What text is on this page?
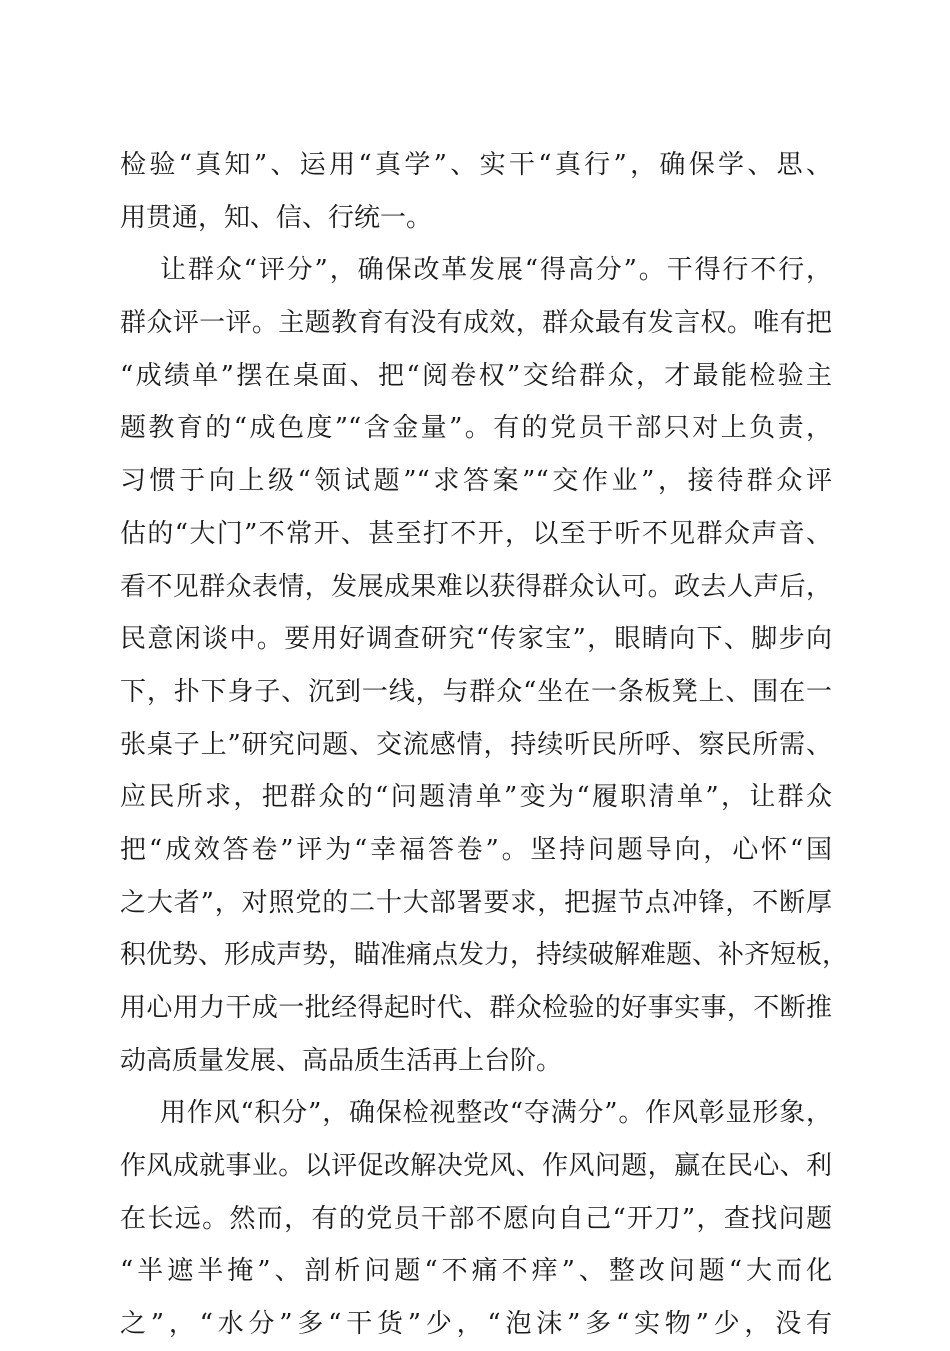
检验“真知”、运用“真学”、实干“真行”，确保学、思、
用贯通，知、信、行统一。
让群众“评分”，确保改革发展“得高分”。干得行不行，
群众评一评。主题教育有没有成效，群众最有发言权。唯有把
“成绩单”摆在桌面、把“阅卷权”交给群众，才最能检验主
题教育的“成色度”“含金量”。有的党员干部只对上负责，
习惯于向上级“领试题”“求答案”“交作业”，接待群众评
估的“大门”不常开、甚至打不开，以至于听不见群众声音、
看不见群众表情，发展成果难以获得群众认可。政去人声后，
民意闲谈中。要用好调查研究“传家宝”，眼睛向下、脚步向
下，扑下身子、沉到一线，与群众“坐在一条板凳上、围在一
张桌子上”研究问题、交流感情，持续听民所呼、察民所需、
应民所求，把群众的“问题清单”变为“履职清单”，让群众
把“成效答卷”评为“幸福答卷”。坚持问题导向，心怀“国
之大者”，对照党的二十大部署要求，把握节点冲锋，不断厚
积优势、形成声势，瞄准痛点发力，持续破解难题、补齐短板，
用心用力干成一批经得起时代、群众检验的好事实事，不断推
动高质量发展、高品质生活再上台阶。
用作风“积分”，确保检视整改“夺满分”。作风彰显形象，
作风成就事业。以评促改解决党风、作风问题，赢在民心、利
在长远。然而，有的党员干部不愿向自己“开刀”，查找问题
“半遮半掩”、剖析问题“不痛不痒”、整改问题“大而化
之”，“水分”多“干货”少，“泡沫”多“实物”少，没有
